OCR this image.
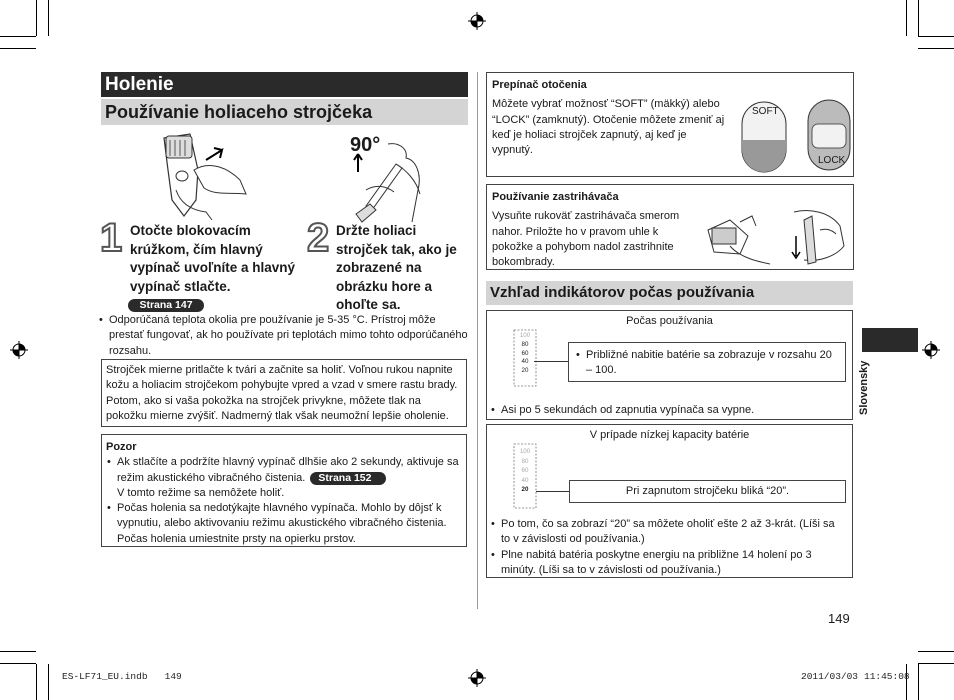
Holenie
Používanie holiaceho strojčeka
90°
1 Otočte blokovacím krúžkom, čím hlavný vypínač uvoľníte a hlavný vypínač stlačte.
Strana 147
2 Držte holiaci strojček tak, ako je zobrazené na obrázku hore a ohoľte sa.
• Odporúčaná teplota okolia pre používanie je 5-35 °C. Prístroj môže prestať fungovať, ak ho používate pri teplotách mimo tohto odporúčaného rozsahu.
Strojček mierne pritlačte k tvári a začnite sa holiť. Voľnou rukou napnite kožu a holiacim strojčekom pohybujte vpred a vzad v smere rastu brady. Potom, ako si vaša pokožka na strojček privykne, môžete tlak na pokožku mierne zvýšiť. Nadmerný tlak však neumožní lepšie oholenie.
Pozor
• Ak stlačíte a podržíte hlavný vypínač dlhšie ako 2 sekundy, aktivuje sa režim akustického vibračného čistenia. Strana 152
V tomto režime sa nemôžete holiť.
• Počas holenia sa nedotýkajte hlavného vypínača. Mohlo by dôjsť k vypnutiu, alebo aktivovaniu režimu akustického vibračného čistenia. Počas holenia umiestnite prsty na opierku prstov.
Prepínač otočenia
Môžete vybrať možnosť “SOFT” (mäkký) alebo “LOCK” (zamknutý). Otočenie môžete zmeniť aj keď je holiaci strojček zapnutý, aj keď je vypnutý.
SOFT
LOCK
Používanie zastrihávača
Vysuňte rukoväť zastrihávača smerom nahor. Priložte ho v pravom uhle k pokožke a pohybom nadol zastrihnite bokombrady.
Vzhľad indikátorov počas používania
Počas používania
100
80
60
40
20
• Približné nabitie batérie sa zobrazuje v rozsahu 20 – 100.
• Asi po 5 sekundách od zapnutia vypínača sa vypne.
V prípade nízkej kapacity batérie
100
80
60
40
20	Pri zapnutom strojčeku bliká “20”.
• Po tom, čo sa zobrazí “20” sa môžete oholiť ešte 2 až 3-krát. (Líši sa to v závislosti od používania.)
• Plne nabitá batéria poskytne energiu na približne 14 holení po 3 minúty. (Líši sa to v závislosti od používania.)
Slovensky
149
ES-LF71_EU.indb   149	2011/03/03 11:45:08
